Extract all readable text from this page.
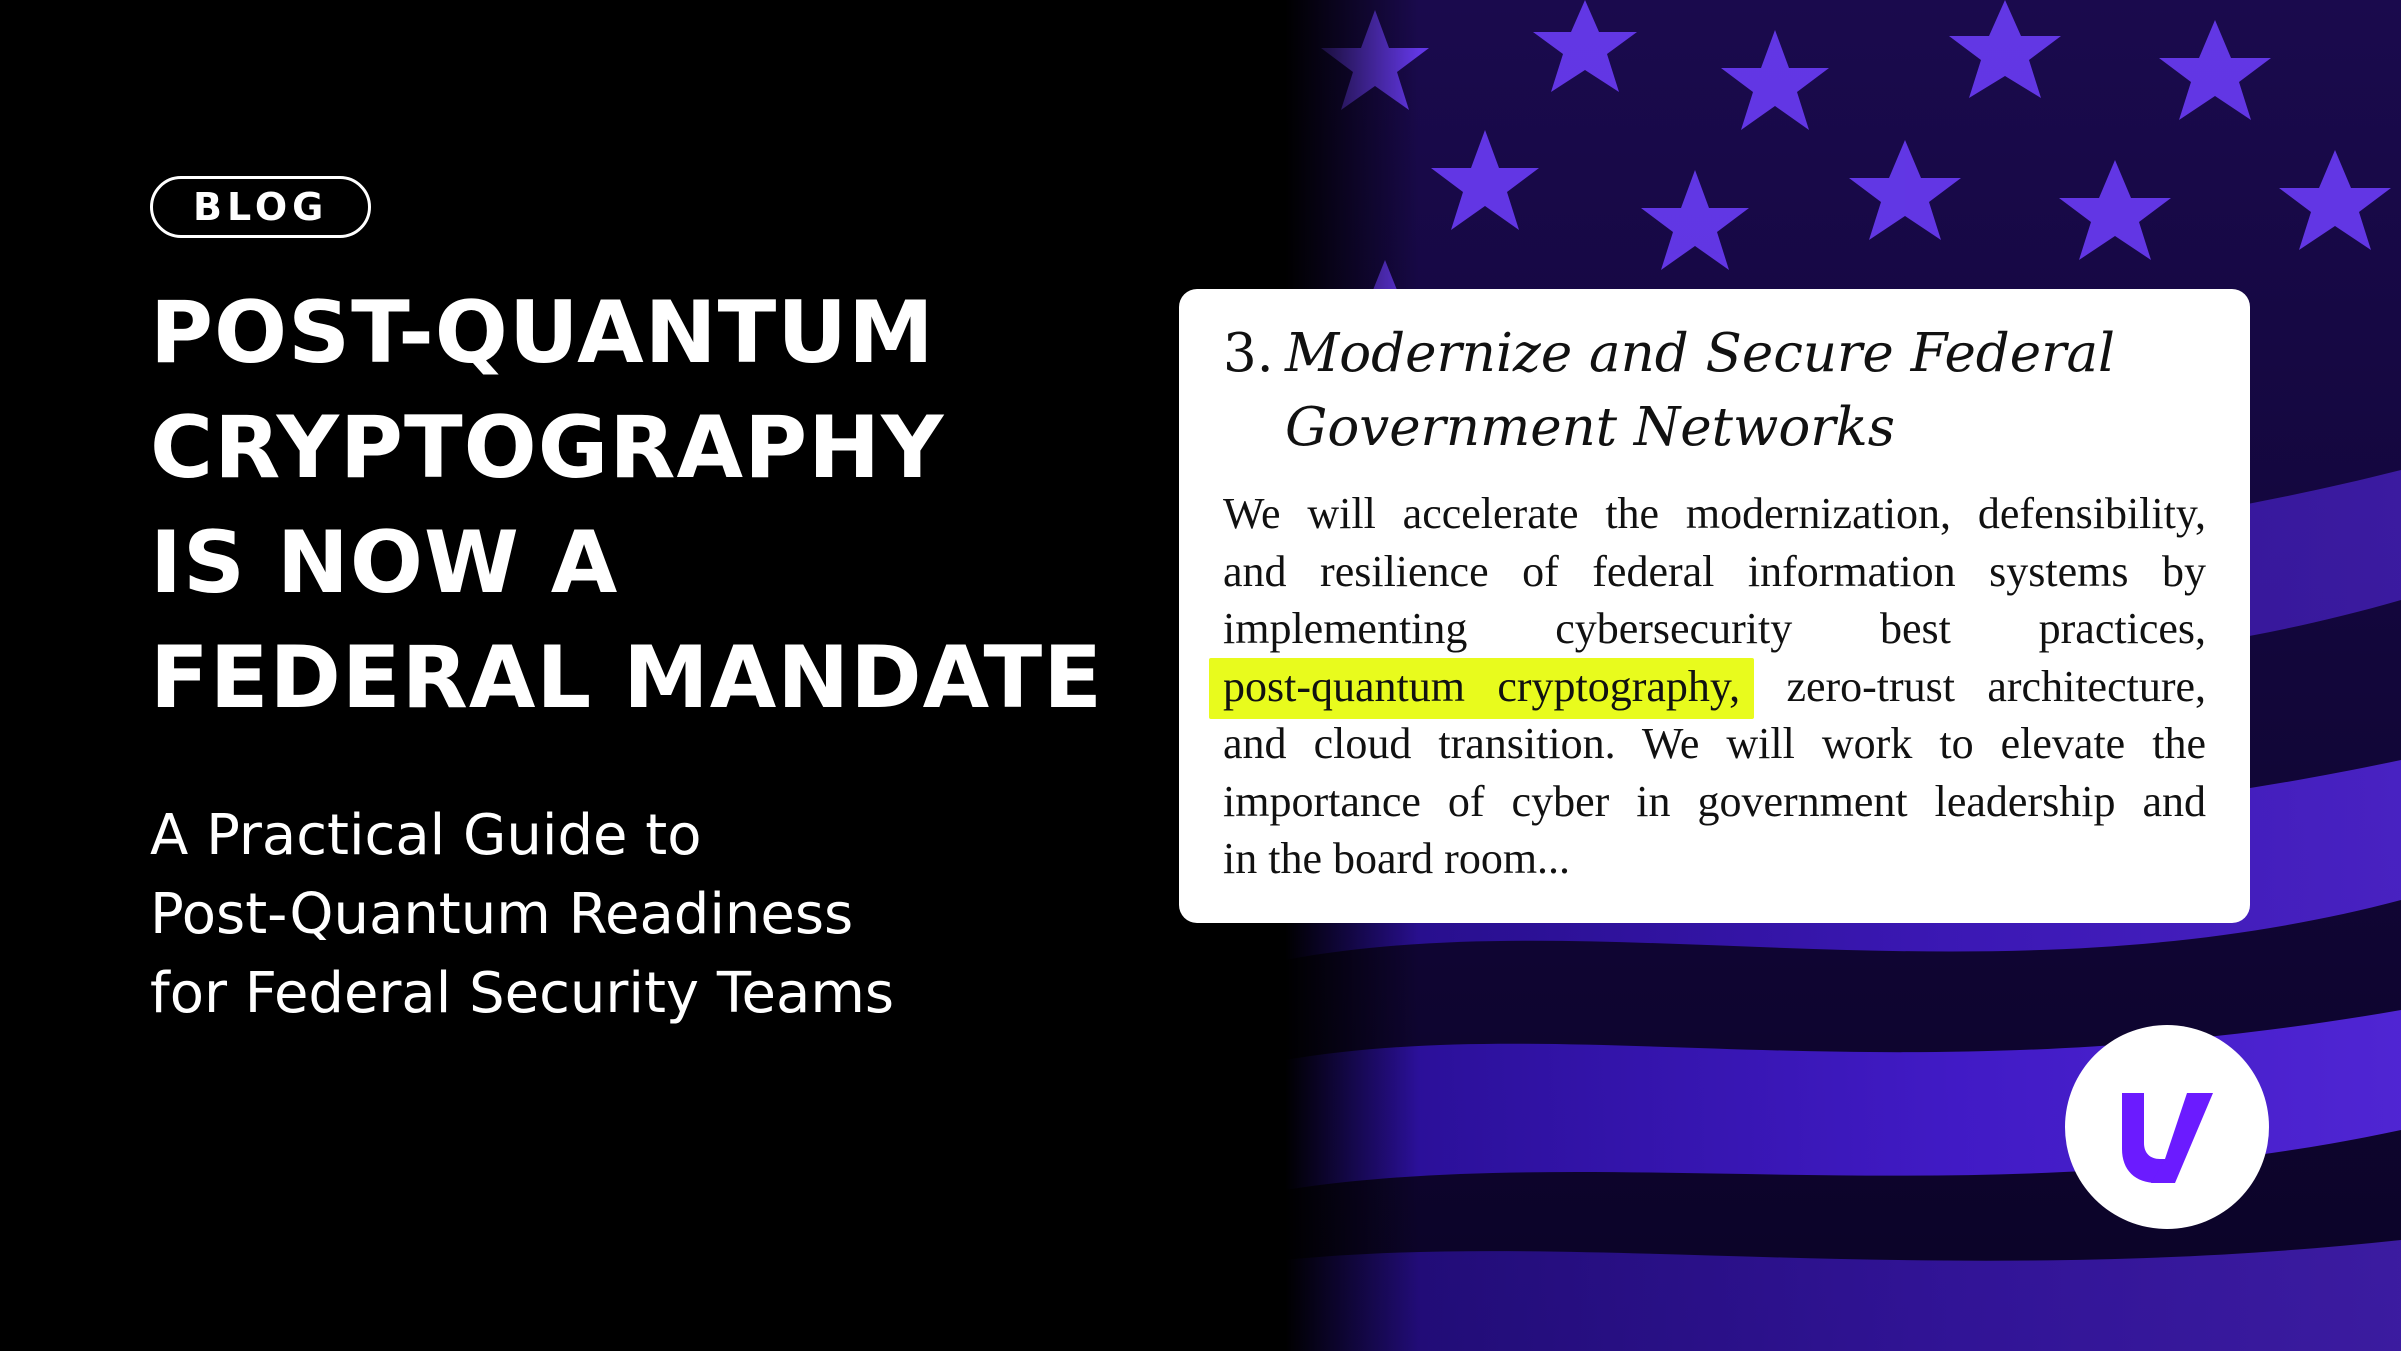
BLOG
POST-QUANTUM
CRYPTOGRAPHY
IS NOW A
FEDERAL MANDATE
A Practical Guide to
Post-Quantum Readiness
for Federal Security Teams
3. Modernize and Secure Federal
Government Networks
We will accelerate the modernization, defensibility,
and resilience of federal information systems by
implementing cybersecurity best practices,
post-quantum cryptography, zero-trust architecture,
and cloud transition. We will work to elevate the
importance of cyber in government leadership and
in the board room...
